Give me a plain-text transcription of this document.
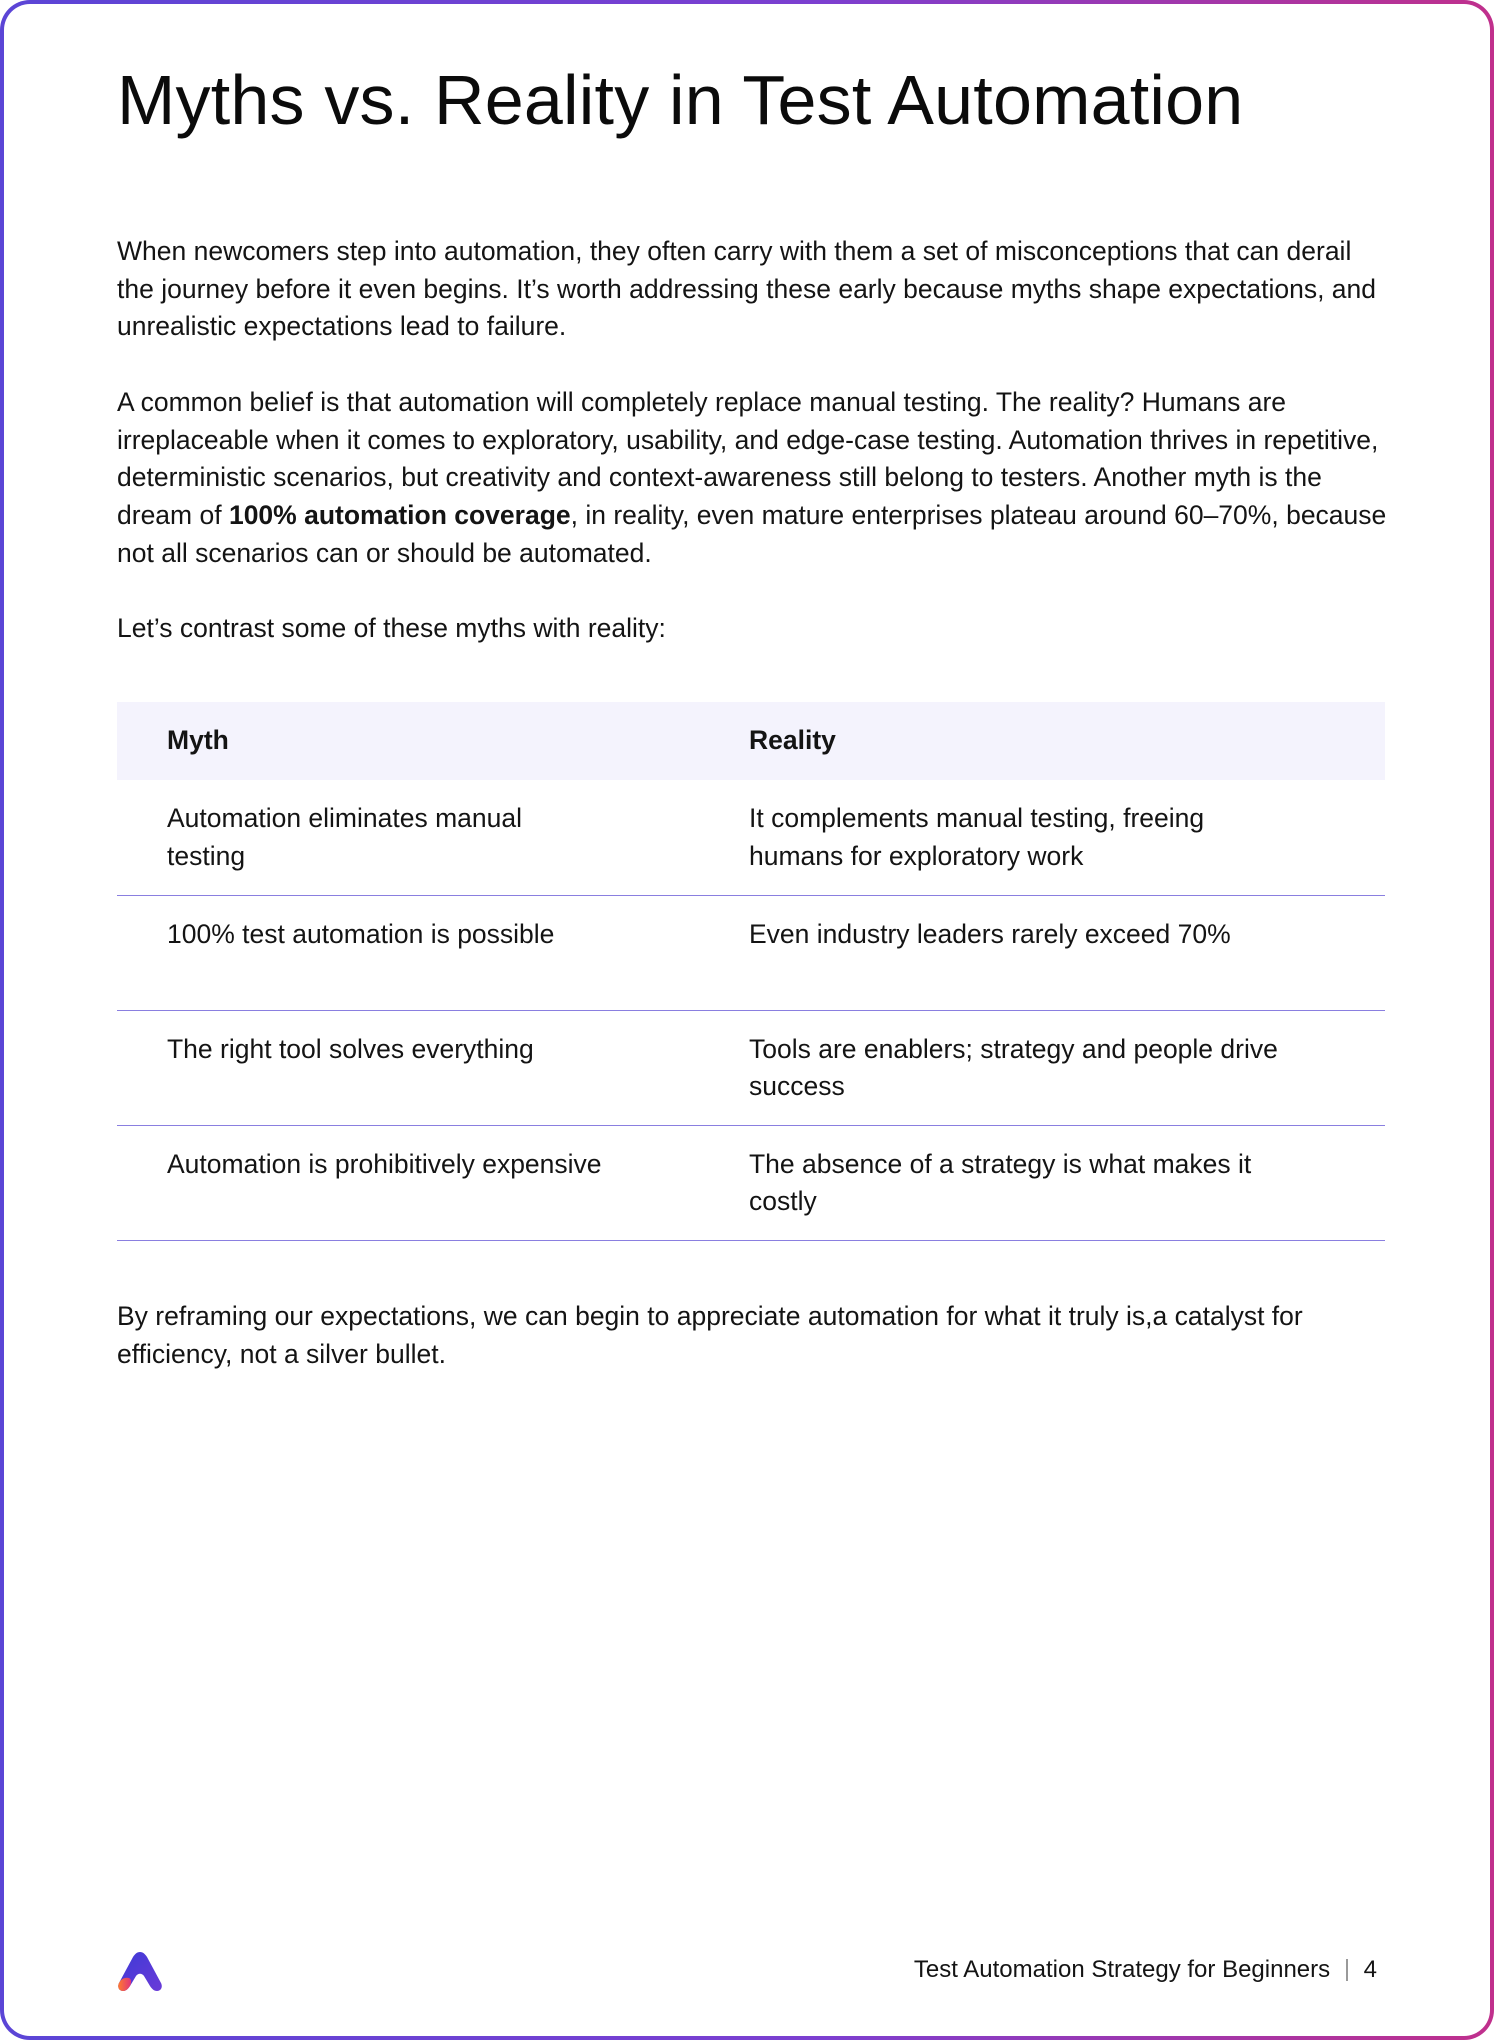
Myths vs. Reality in Test Automation

When newcomers step into automation, they often carry with them a set of misconceptions that can derail the journey before it even begins. It’s worth addressing these early because myths shape expectations, and unrealistic expectations lead to failure.

A common belief is that automation will completely replace manual testing. The reality? Humans are irreplaceable when it comes to exploratory, usability, and edge-case testing. Automation thrives in repetitive, deterministic scenarios, but creativity and context-awareness still belong to testers. Another myth is the dream of 100% automation coverage, in reality, even mature enterprises plateau around 60–70%, because not all scenarios can or should be automated.

Let’s contrast some of these myths with reality:

Myth	Reality

Automation eliminates manual testing	It complements manual testing, freeing humans for exploratory work

100% test automation is possible	Even industry leaders rarely exceed 70%

The right tool solves everything	Tools are enablers; strategy and people drive success

Automation is prohibitively expensive	The absence of a strategy is what makes it costly

By reframing our expectations, we can begin to appreciate automation for what it truly is,a catalyst for efficiency, not a silver bullet.

Test Automation Strategy for Beginners 4
